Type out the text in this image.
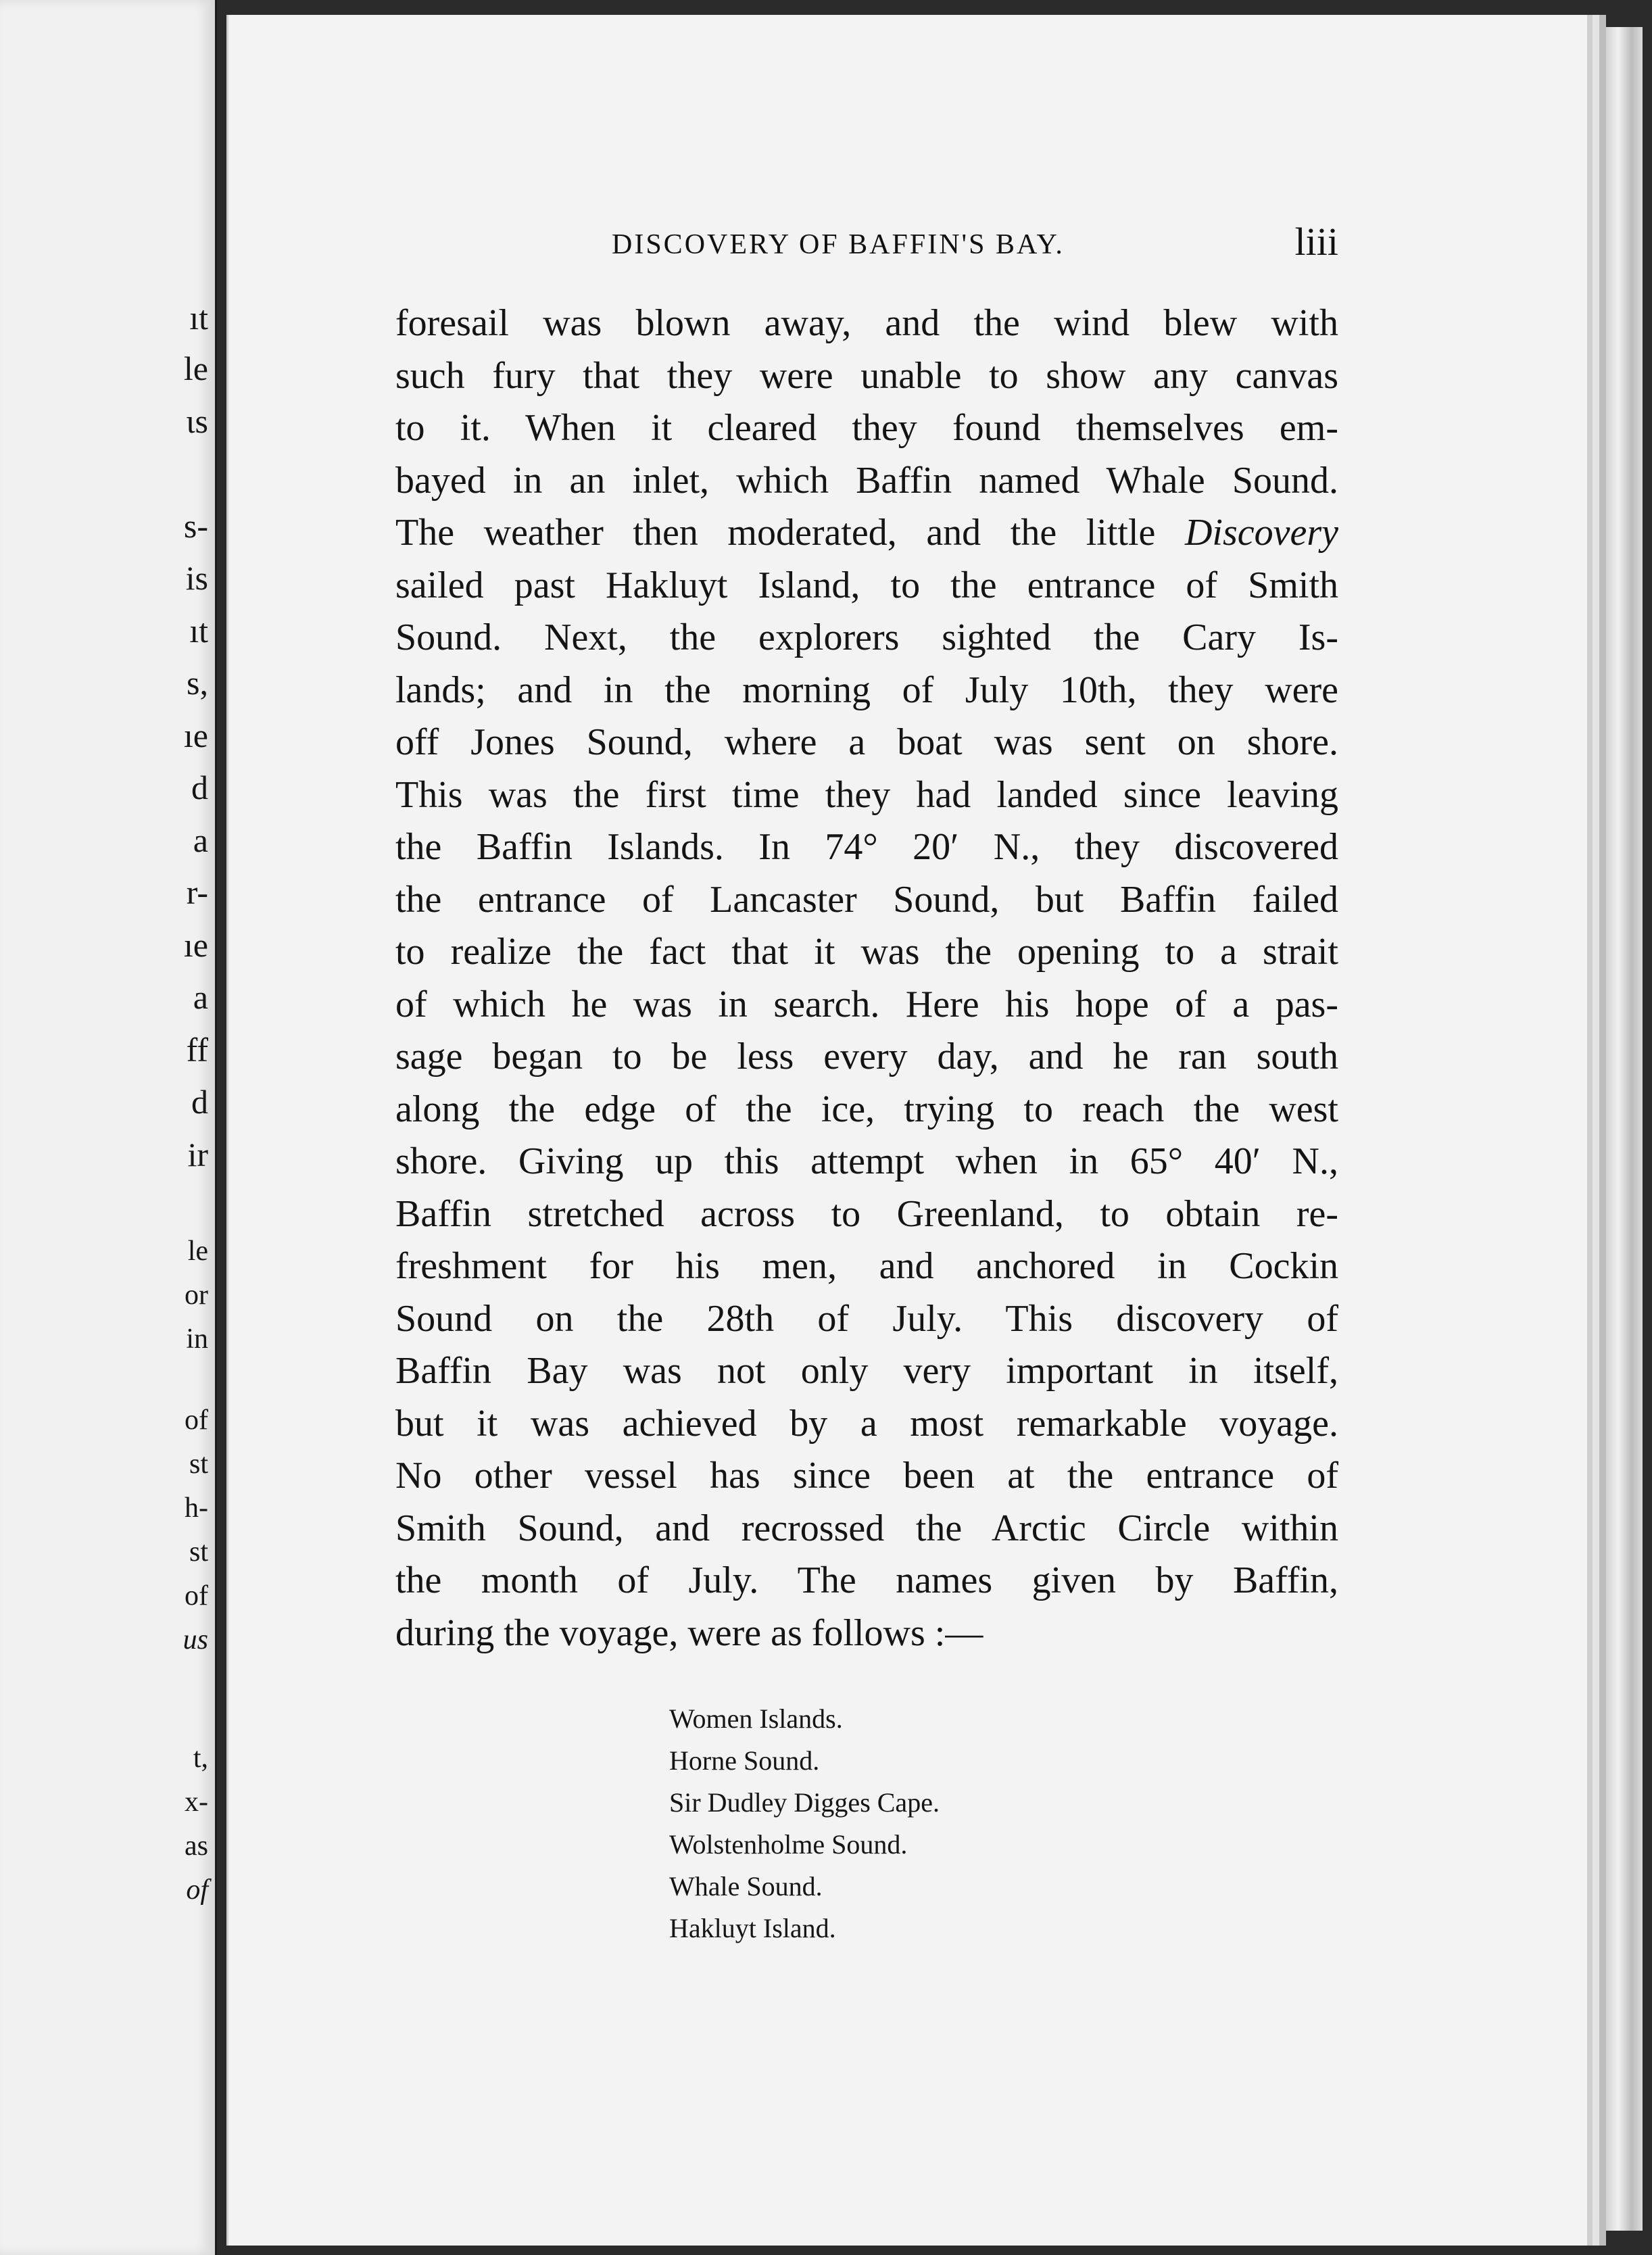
ıt
le
ɩs
s-
is
ıt
s,
ıe
d
a
r-
ıe
a
ff
d
ir
le
or
in
of
st
h-
st
of
us
t,
x-
as
of
DISCOVERY OF BAFFIN'S BAY.	liii
foresail was blown away, and the wind blew with
such fury that they were unable to show any canvas
to it. When it cleared they found themselves em-
bayed in an inlet, which Baffin named Whale Sound.
The weather then moderated, and the little Discovery
sailed past Hakluyt Island, to the entrance of Smith
Sound. Next, the explorers sighted the Cary Is-
lands; and in the morning of July 10th, they were
off Jones Sound, where a boat was sent on shore.
This was the first time they had landed since leaving
the Baffin Islands. In 74° 20′ N., they discovered
the entrance of Lancaster Sound, but Baffin failed
to realize the fact that it was the opening to a strait
of which he was in search. Here his hope of a pas-
sage began to be less every day, and he ran south
along the edge of the ice, trying to reach the west
shore. Giving up this attempt when in 65° 40′ N.,
Baffin stretched across to Greenland, to obtain re-
freshment for his men, and anchored in Cockin
Sound on the 28th of July. This discovery of
Baffin Bay was not only very important in itself,
but it was achieved by a most remarkable voyage.
No other vessel has since been at the entrance of
Smith Sound, and recrossed the Arctic Circle within
the month of July. The names given by Baffin,
during the voyage, were as follows :—
Women Islands.
Horne Sound.
Sir Dudley Digges Cape.
Wolstenholme Sound.
Whale Sound.
Hakluyt Island.
